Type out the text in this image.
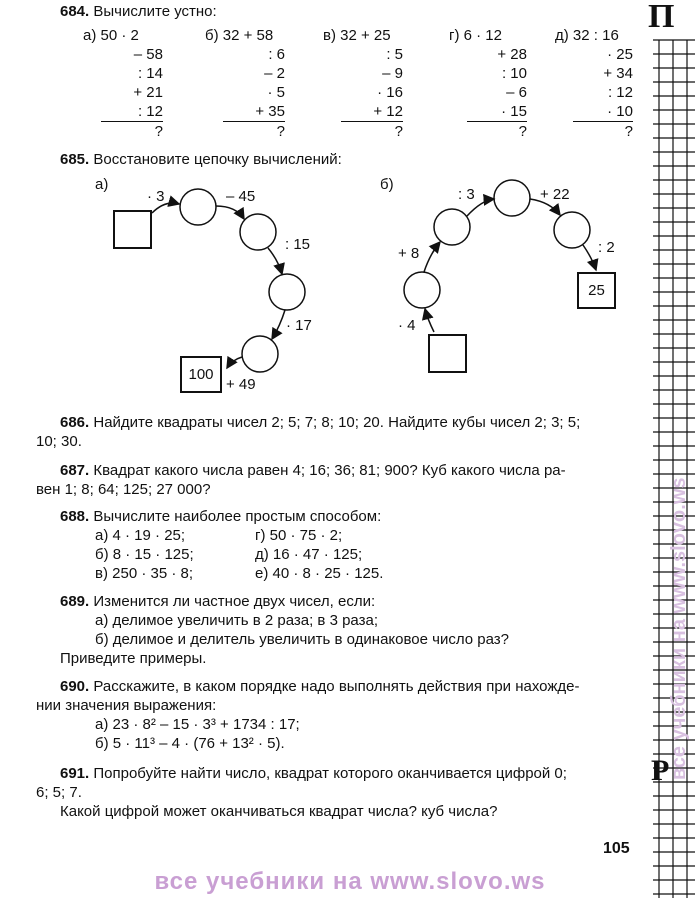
684. Вычислите устно:
а) 50 · 2
– 58
: 14
+ 21
: 12
?
б) 32 + 58
: 6
– 2
· 5
+ 35
?
в) 32 + 25
: 5
– 9
· 16
+ 12
?
г) 6 · 12
+ 28
: 10
– 6
· 15
?
д) 32 : 16
· 25
+ 34
: 12
· 10
?
685. Восстановите цепочку вычислений:
а)
· 3	– 45
: 15
· 17
+ 49
100
б)
· 4
+ 8
: 3	+ 22
: 2
25
686. Найдите квадраты чисел 2; 5; 7; 8; 10; 20. Найдите кубы чисел 2; 3; 5;
10; 30.
687. Квадрат какого числа равен 4; 16; 36; 81; 900? Куб какого числа ра-
вен 1; 8; 64; 125; 27 000?
688. Вычислите наиболее простым способом:
а) 4 · 19 · 25;
б) 8 · 15 · 125;
в) 250 · 35 · 8;
г) 50 · 75 · 2;
д) 16 · 47 · 125;
е) 40 · 8 · 25 · 125.
689. Изменится ли частное двух чисел, если:
а) делимое увеличить в 2 раза; в 3 раза;
б) делимое и делитель увеличить в одинаковое число раз?
Приведите примеры.
690. Расскажите, в каком порядке надо выполнять действия при нахожде-
нии значения выражения:
а) 23 · 8² – 15 · 3³ + 1734 : 17;
б) 5 · 11³ – 4 · (76 + 13² · 5).
691. Попробуйте найти число, квадрат которого оканчивается цифрой 0;
6; 5; 7.
Какой цифрой может оканчиваться квадрат числа? куб числа?
105
все учебники на www.slovo.ws
П
Р
все учебники на www.slovo.ws
